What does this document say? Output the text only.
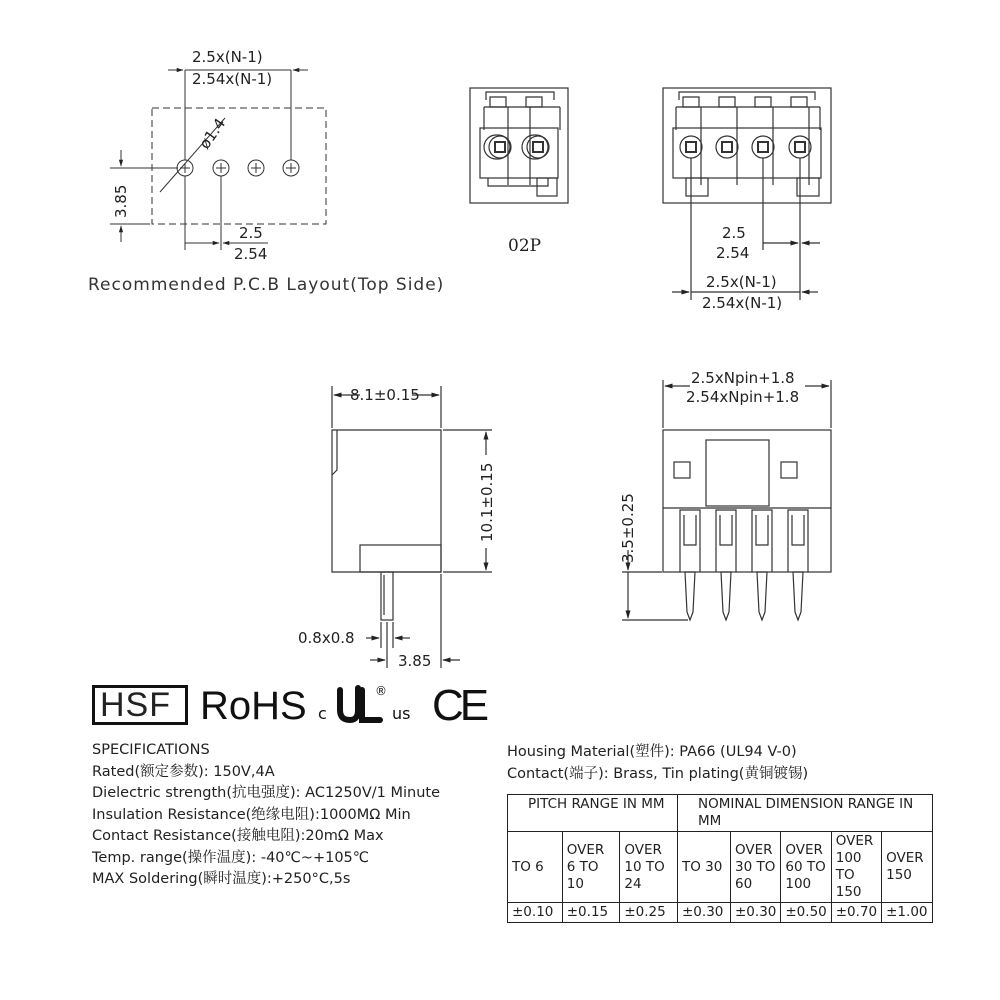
2.5x(N-1)
2.54x(N-1)
ø1.4
3.85
2.5
2.54
Recommended P.C.B Layout(Top Side)
02P
2.5
2.54
2.5x(N-1)
2.54x(N-1)
8.1±0.15
10.1±0.15
0.8x0.8
3.85
2.5xNpin+1.8
2.54xNpin+1.8
3.5±0.25
HSF RoHS c
®
us CE
SPECIFICATIONS
Rated(额定参数): 150V,4A
Dielectric strength(抗电强度): AC1250V/1 Minute
Insulation Resistance(绝缘电阻):1000MΩ Min
Contact Resistance(接触电阻):20mΩ Max
Temp. range(操作温度): -40℃~+105℃
MAX Soldering(瞬时温度):+250°C,5s
Housing Material(塑件): PA66 (UL94 V-0)
Contact(端子): Brass, Tin plating(黄铜镀锡)
PITCH RANGE IN MM			NOMINAL DIMENSION RANGE IN MM				
TO 6	OVER 6 TO 10	OVER 10 TO 24	TO 30	OVER 30 TO 60	OVER 60 TO 100	OVER 100 TO 150	OVER 150
±0.10	±0.15	±0.25	±0.30	±0.30	±0.50	±0.70	±1.00
